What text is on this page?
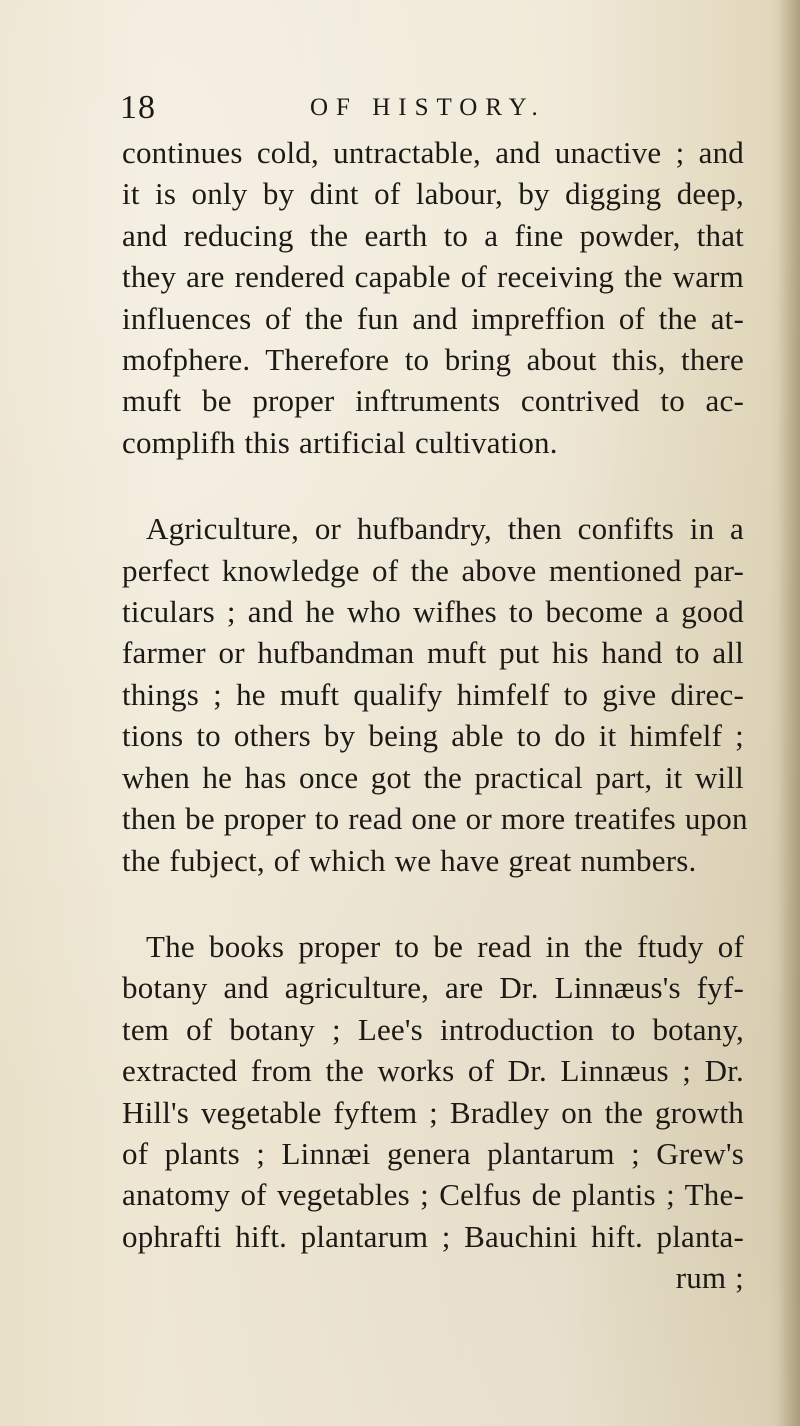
18	OF HISTORY.
continues cold, untractable, and unactive ; and
it is only by dint of labour, by digging deep,
and reducing the earth to a fine powder, that
they are rendered capable of receiving the warm
influences of the fun and impreffion of the at-
mofphere. Therefore to bring about this, there
muft be proper inftruments contrived to ac-
complifh this artificial cultivation.
Agriculture, or hufbandry, then confifts in a
perfect knowledge of the above mentioned par-
ticulars ; and he who wifhes to become a good
farmer or hufbandman muft put his hand to all
things ; he muft qualify himfelf to give direc-
tions to others by being able to do it himfelf ;
when he has once got the practical part, it will
then be proper to read one or more treatifes upon
the fubject, of which we have great numbers.
The books proper to be read in the ftudy of
botany and agriculture, are Dr. Linnæus's fyf-
tem of botany ; Lee's introduction to botany,
extracted from the works of Dr. Linnæus ; Dr.
Hill's vegetable fyftem ; Bradley on the growth
of plants ; Linnæi genera plantarum ; Grew's
anatomy of vegetables ; Celfus de plantis ; The-
ophrafti hift. plantarum ; Bauchini hift. planta-
rum ;
